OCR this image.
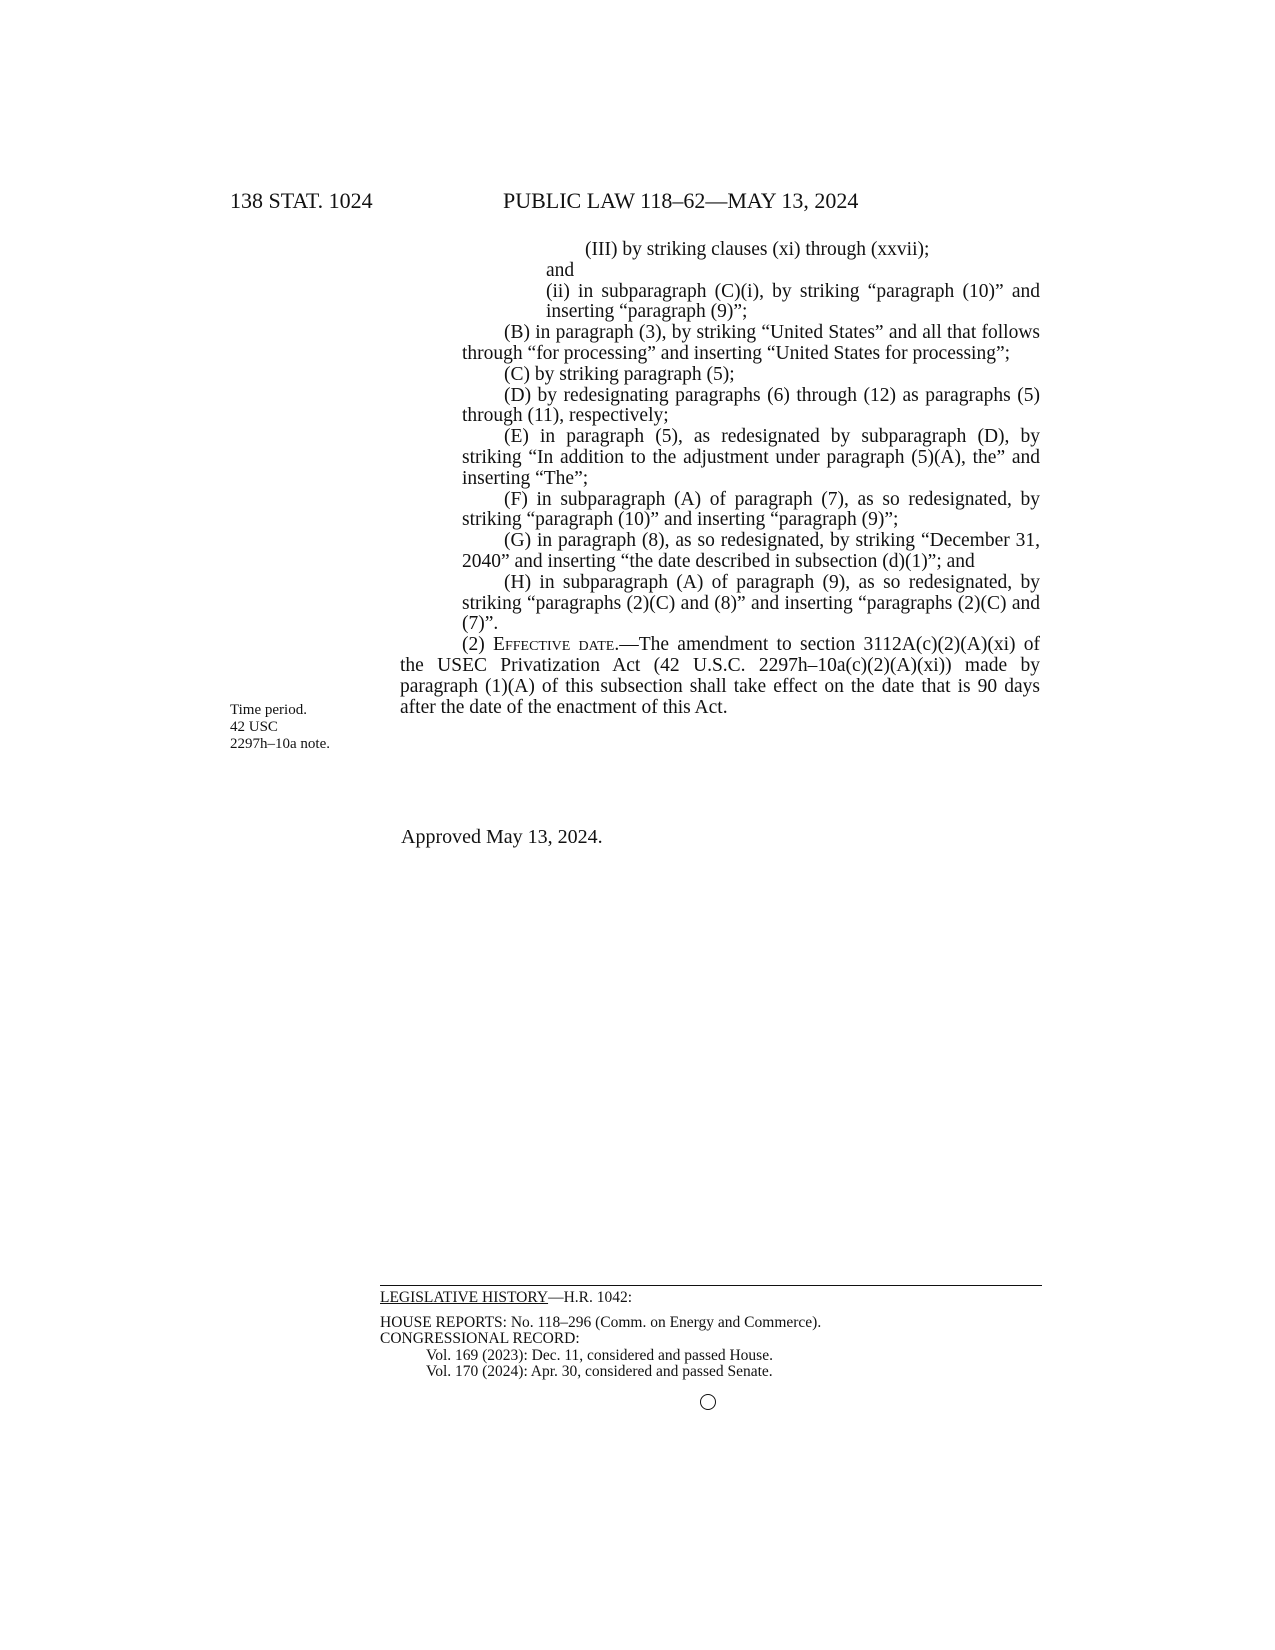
138 STAT. 1024	PUBLIC LAW 118–62—MAY 13, 2024
Time period.
42 USC
2297h–10a note.

(III) by striking clauses (xi) through (xxvii);

and

(ii) in subparagraph (C)(i), by striking “paragraph (10)” and inserting “paragraph (9)”;

(B) in paragraph (3), by striking “United States” and all that follows through “for processing” and inserting “United States for processing”;

(C) by striking paragraph (5);

(D) by redesignating paragraphs (6) through (12) as paragraphs (5) through (11), respectively;

(E) in paragraph (5), as redesignated by subparagraph (D), by striking “In addition to the adjustment under paragraph (5)(A), the” and inserting “The”;

(F) in subparagraph (A) of paragraph (7), as so redesignated, by striking “paragraph (10)” and inserting “paragraph (9)”;

(G) in paragraph (8), as so redesignated, by striking “December 31, 2040” and inserting “the date described in subsection (d)(1)”; and

(H) in subparagraph (A) of paragraph (9), as so redesignated, by striking “paragraphs (2)(C) and (8)” and inserting “paragraphs (2)(C) and (7)”.

(2) Effective date.—The amendment to section 3112A(c)(2)(A)(xi) of the USEC Privatization Act (42 U.S.C. 2297h–10a(c)(2)(A)(xi)) made by paragraph (1)(A) of this subsection shall take effect on the date that is 90 days after the date of the enactment of this Act.

Approved May 13, 2024.
LEGISLATIVE HISTORY—H.R. 1042:
HOUSE REPORTS: No. 118–296 (Comm. on Energy and Commerce).
CONGRESSIONAL RECORD:
Vol. 169 (2023): Dec. 11, considered and passed House.
Vol. 170 (2024): Apr. 30, considered and passed Senate.
